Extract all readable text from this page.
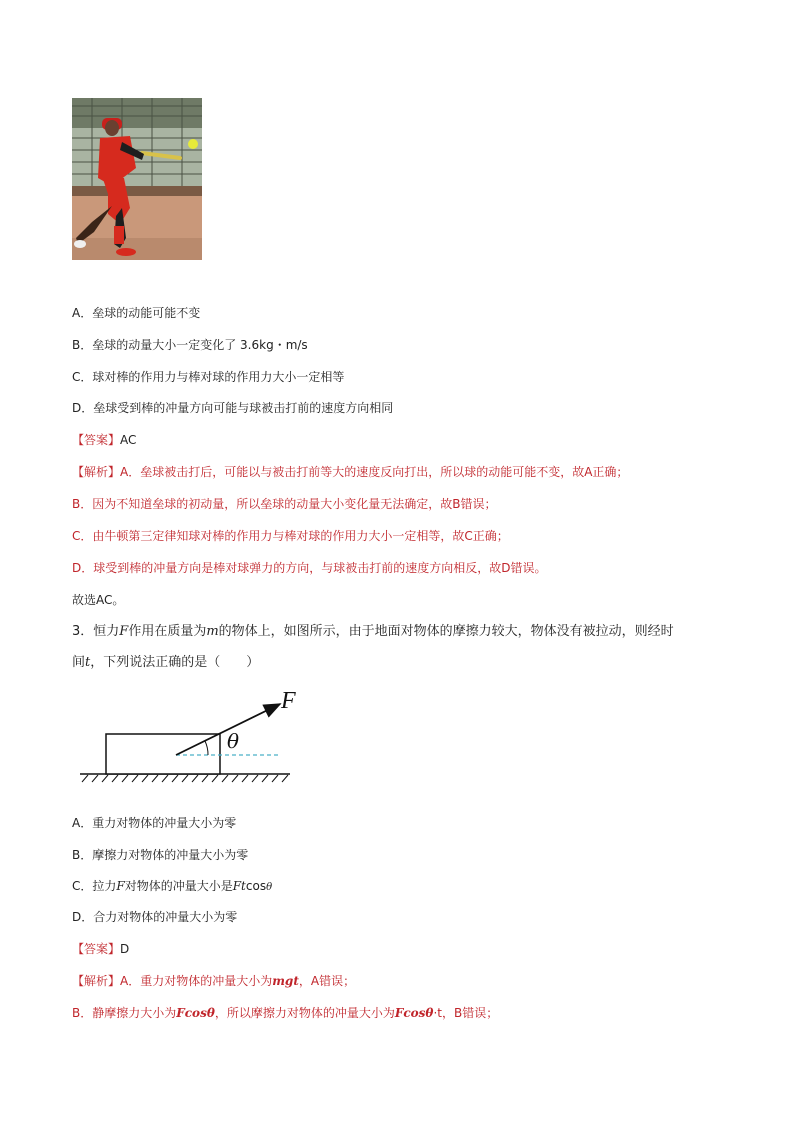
A．垒球的动能可能不变
B．垒球的动量大小一定变化了 3.6kg・m/s
C．球对棒的作用力与棒对球的作用力大小一定相等
D．垒球受到棒的冲量方向可能与球被击打前的速度方向相同
【答案】AC
【解析】A．垒球被击打后，可能以与被击打前等大的速度反向打出，所以球的动能可能不变，故A正确；
B．因为不知道垒球的初动量，所以垒球的动量大小变化量无法确定，故B错误；
C．由牛顿第三定律知球对棒的作用力与棒对球的作用力大小一定相等，故C正确；
D．球受到棒的冲量方向是棒对球弹力的方向，与球被击打前的速度方向相反，故D错误。
故选AC。
3．恒力F作用在质量为m的物体上，如图所示，由于地面对物体的摩擦力较大，物体没有被拉动，则经时
间t，下列说法正确的是（　　）
F
θ
A．重力对物体的冲量大小为零
B．摩擦力对物体的冲量大小为零
C．拉力F对物体的冲量大小是Ftcosθ
D．合力对物体的冲量大小为零
【答案】D
【解析】A．重力对物体的冲量大小为mgt，A错误；
B．静摩擦力大小为Fcosθ，所以摩擦力对物体的冲量大小为Fcosθ·t，B错误；
